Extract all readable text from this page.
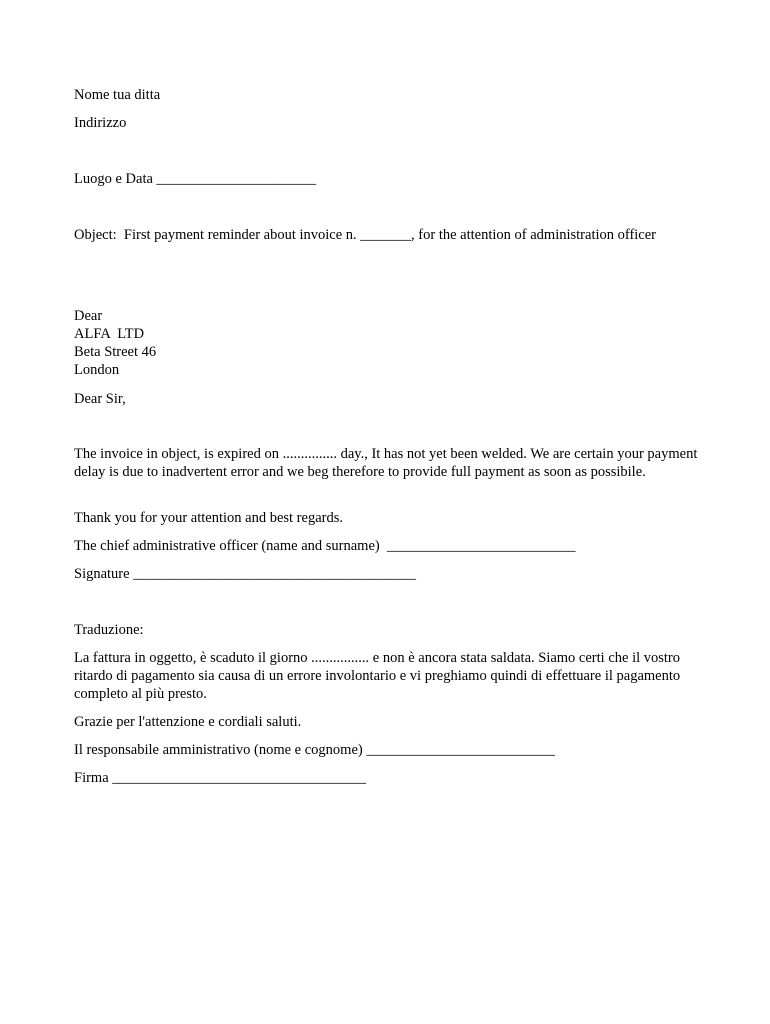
Nome tua ditta

Indirizzo

Luogo e Data ______________________

Object:  First payment reminder about invoice n. _______, for the attention of administration officer

Dear

ALFA  LTD

Beta Street 46

London

Dear Sir,

The invoice in object, is expired on ............... day., It has not yet been welded. We are certain your payment delay is due to inadvertent error and we beg therefore to provide full payment as soon as possibile.

Thank you for your attention and best regards.

The chief administrative officer (name and surname)  __________________________

Signature _______________________________________

Traduzione:

La fattura in oggetto, è scaduto il giorno ................ e non è ancora stata saldata. Siamo certi che il vostro ritardo di pagamento sia causa di un errore involontario e vi preghiamo quindi di effettuare il pagamento completo al più presto.

Grazie per l'attenzione e cordiali saluti.

Il responsabile amministrativo (nome e cognome) __________________________

Firma ___________________________________
